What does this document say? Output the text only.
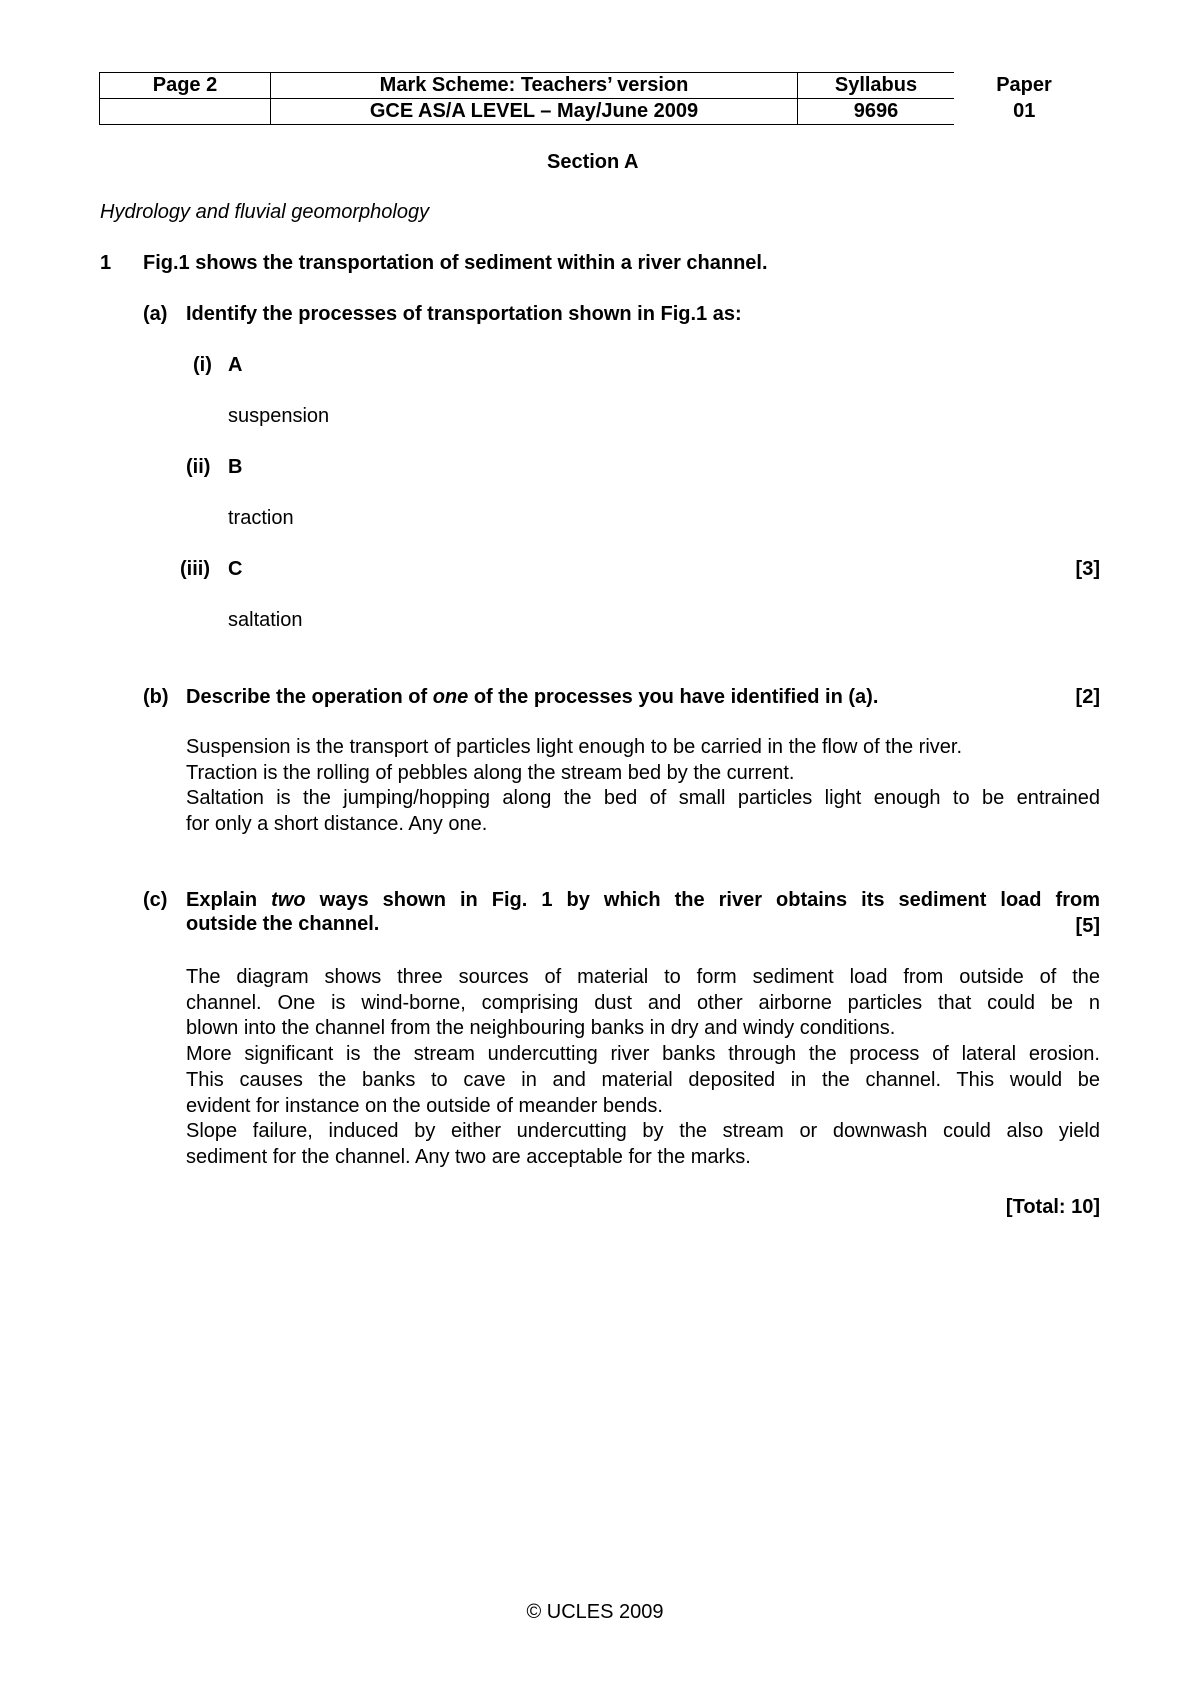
Page 2	Mark Scheme: Teachers’ version	Syllabus	Paper
	GCE AS/A LEVEL – May/June 2009	9696	01
Section A
Hydrology and fluvial geomorphology
1 Fig.1 shows the transportation of sediment within a river channel.
(a) Identify the processes of transportation shown in Fig.1 as:
(i) A
suspension
(ii) B
traction
(iii) C	[3]
saltation
(b) Describe the operation of one of the processes you have identified in (a).	[2]
Suspension is the transport of particles light enough to be carried in the flow of the river.
Traction is the rolling of pebbles along the stream bed by the current.
Saltation is the jumping/hopping along the bed of small particles light enough to be entrained
for only a short distance. Any one.
(c) Explain two ways shown in Fig. 1 by which the river obtains its sediment load from
outside the channel.	[5]
The diagram shows three sources of material to form sediment load from outside of the
channel. One is wind-borne, comprising dust and other airborne particles that could be n
blown into the channel from the neighbouring banks in dry and windy conditions.
More significant is the stream undercutting river banks through the process of lateral erosion.
This causes the banks to cave in and material deposited in the channel. This would be
evident for instance on the outside of meander bends.
Slope failure, induced by either undercutting by the stream or downwash could also yield
sediment for the channel. Any two are acceptable for the marks.
[Total: 10]
© UCLES 2009
